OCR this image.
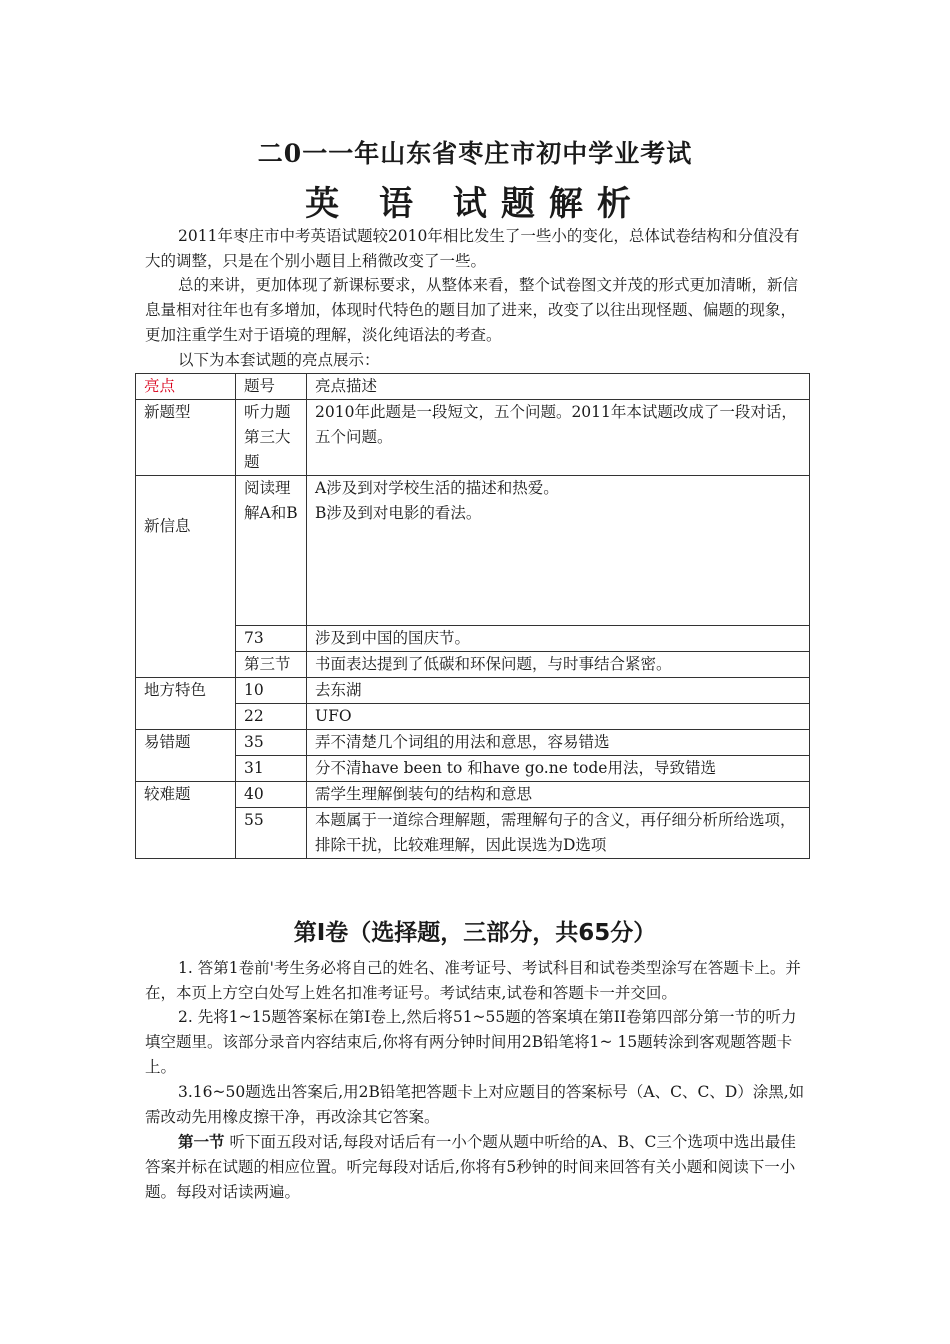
二0一一年山东省枣庄市初中学业考试
英 语 试题解析
2011年枣庄市中考英语试题较2010年相比发生了一些小的变化，总体试卷结构和分值没有大的调整，只是在个别小题目上稍微改变了一些。
总的来讲，更加体现了新课标要求，从整体来看，整个试卷图文并茂的形式更加清晰，新信息量相对往年也有多增加，体现时代特色的题目加了进来，改变了以往出现怪题、偏题的现象，更加注重学生对于语境的理解，淡化纯语法的考查。
以下为本套试题的亮点展示：
亮点	题号	亮点描述
新题型	听力题第三大题	2010年此题是一段短文，五个问题。2011年本试题改成了一段对话，五个问题。
新信息	阅读理解A和B	A涉及到对学校生活的描述和热爱。
B涉及到对电影的看法。

	73	涉及到中国的国庆节。
	第三节	书面表达提到了低碳和环保问题，与时事结合紧密。
地方特色	10	去东湖
	22	UFO
易错题	35	弄不清楚几个词组的用法和意思，容易错选
	31	分不清have been to 和have go.ne tode用法，导致错选
较难题	40	需学生理解倒装句的结构和意思
	55	本题属于一道综合理解题，需理解句子的含义，再仔细分析所给选项，排除干扰，比较难理解，因此误选为D选项
第Ⅰ卷（选择题，三部分，共65分）
1. 答第1卷前'考生务必将自己的姓名、准考证号、考试科目和试卷类型涂写在答题卡上。并在，本页上方空白处写上姓名扣准考证号。考试结束,试卷和答题卡一并交回。
2. 先将1~15题答案标在第I卷上,然后将51~55题的答案填在第II卷第四部分第一节的听力填空题里。该部分录音内容结束后,你将有两分钟时间用2B铅笔将1~ 15题转涂到客观题答题卡上。
3.16~50题选出答案后,用2B铅笔把答题卡上对应题目的答案标号（A、C、C、D）涂黑,如需改动先用橡皮擦干净，再改涂其它答案。
第一节 听下面五段对话,每段对话后有一小个题从题中听给的A、B、C三个选项中选出最佳答案并标在试题的相应位置。听完每段对话后,你将有5秒钟的时间来回答有关小题和阅读下一小题。每段对话读两遍。
